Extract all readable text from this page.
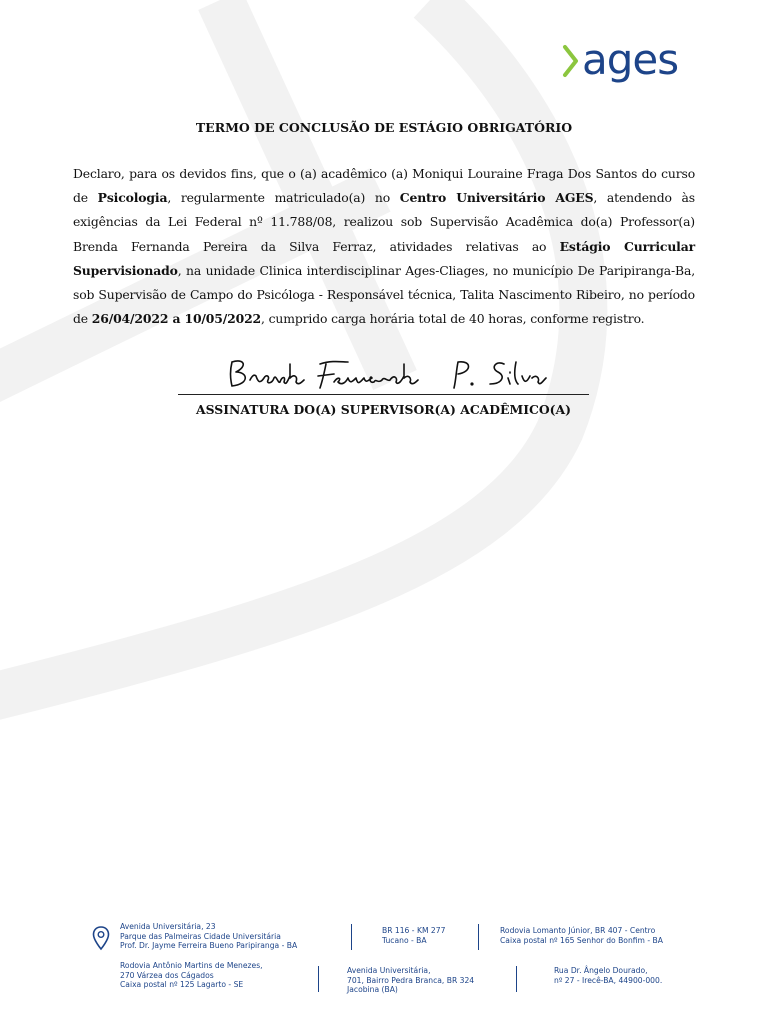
ages
TERMO DE CONCLUSÃO DE ESTÁGIO OBRIGATÓRIO
Declaro, para os devidos fins, que o (a) acadêmico (a) Moniqui Louraine Fraga Dos Santos do curso de Psicologia, regularmente matriculado(a) no Centro Universitário AGES, atendendo às exigências da Lei Federal nº 11.788/08, realizou sob Supervisão Acadêmica do(a) Professor(a) Brenda Fernanda Pereira da Silva Ferraz, atividades relativas ao Estágio Curricular Supervisionado, na unidade Clinica interdisciplinar Ages-Cliages, no município De Paripiranga-Ba, sob Supervisão de Campo do Psicóloga - Responsável técnica, Talita Nascimento Ribeiro, no período de 26/04/2022 a 10/05/2022, cumprido carga horária total de 40 horas, conforme registro.
ASSINATURA DO(A) SUPERVISOR(A) ACADÊMICO(A)
Avenida Universitária, 23
Parque das Palmeiras Cidade Universitária
Prof. Dr. Jayme Ferreira Bueno Paripiranga - BA
BR 116 - KM 277
Tucano - BA
Rodovia Lomanto Júnior, BR 407 - Centro
Caixa postal nº 165 Senhor do Bonfim - BA
Rodovia Antônio Martins de Menezes,
270 Várzea dos Cágados
Caixa postal nº 125 Lagarto - SE
Avenida Universitária,
701, Bairro Pedra Branca, BR 324
Jacobina (BA)
Rua Dr. Ângelo Dourado,
nº 27 - Irecê-BA, 44900-000.
